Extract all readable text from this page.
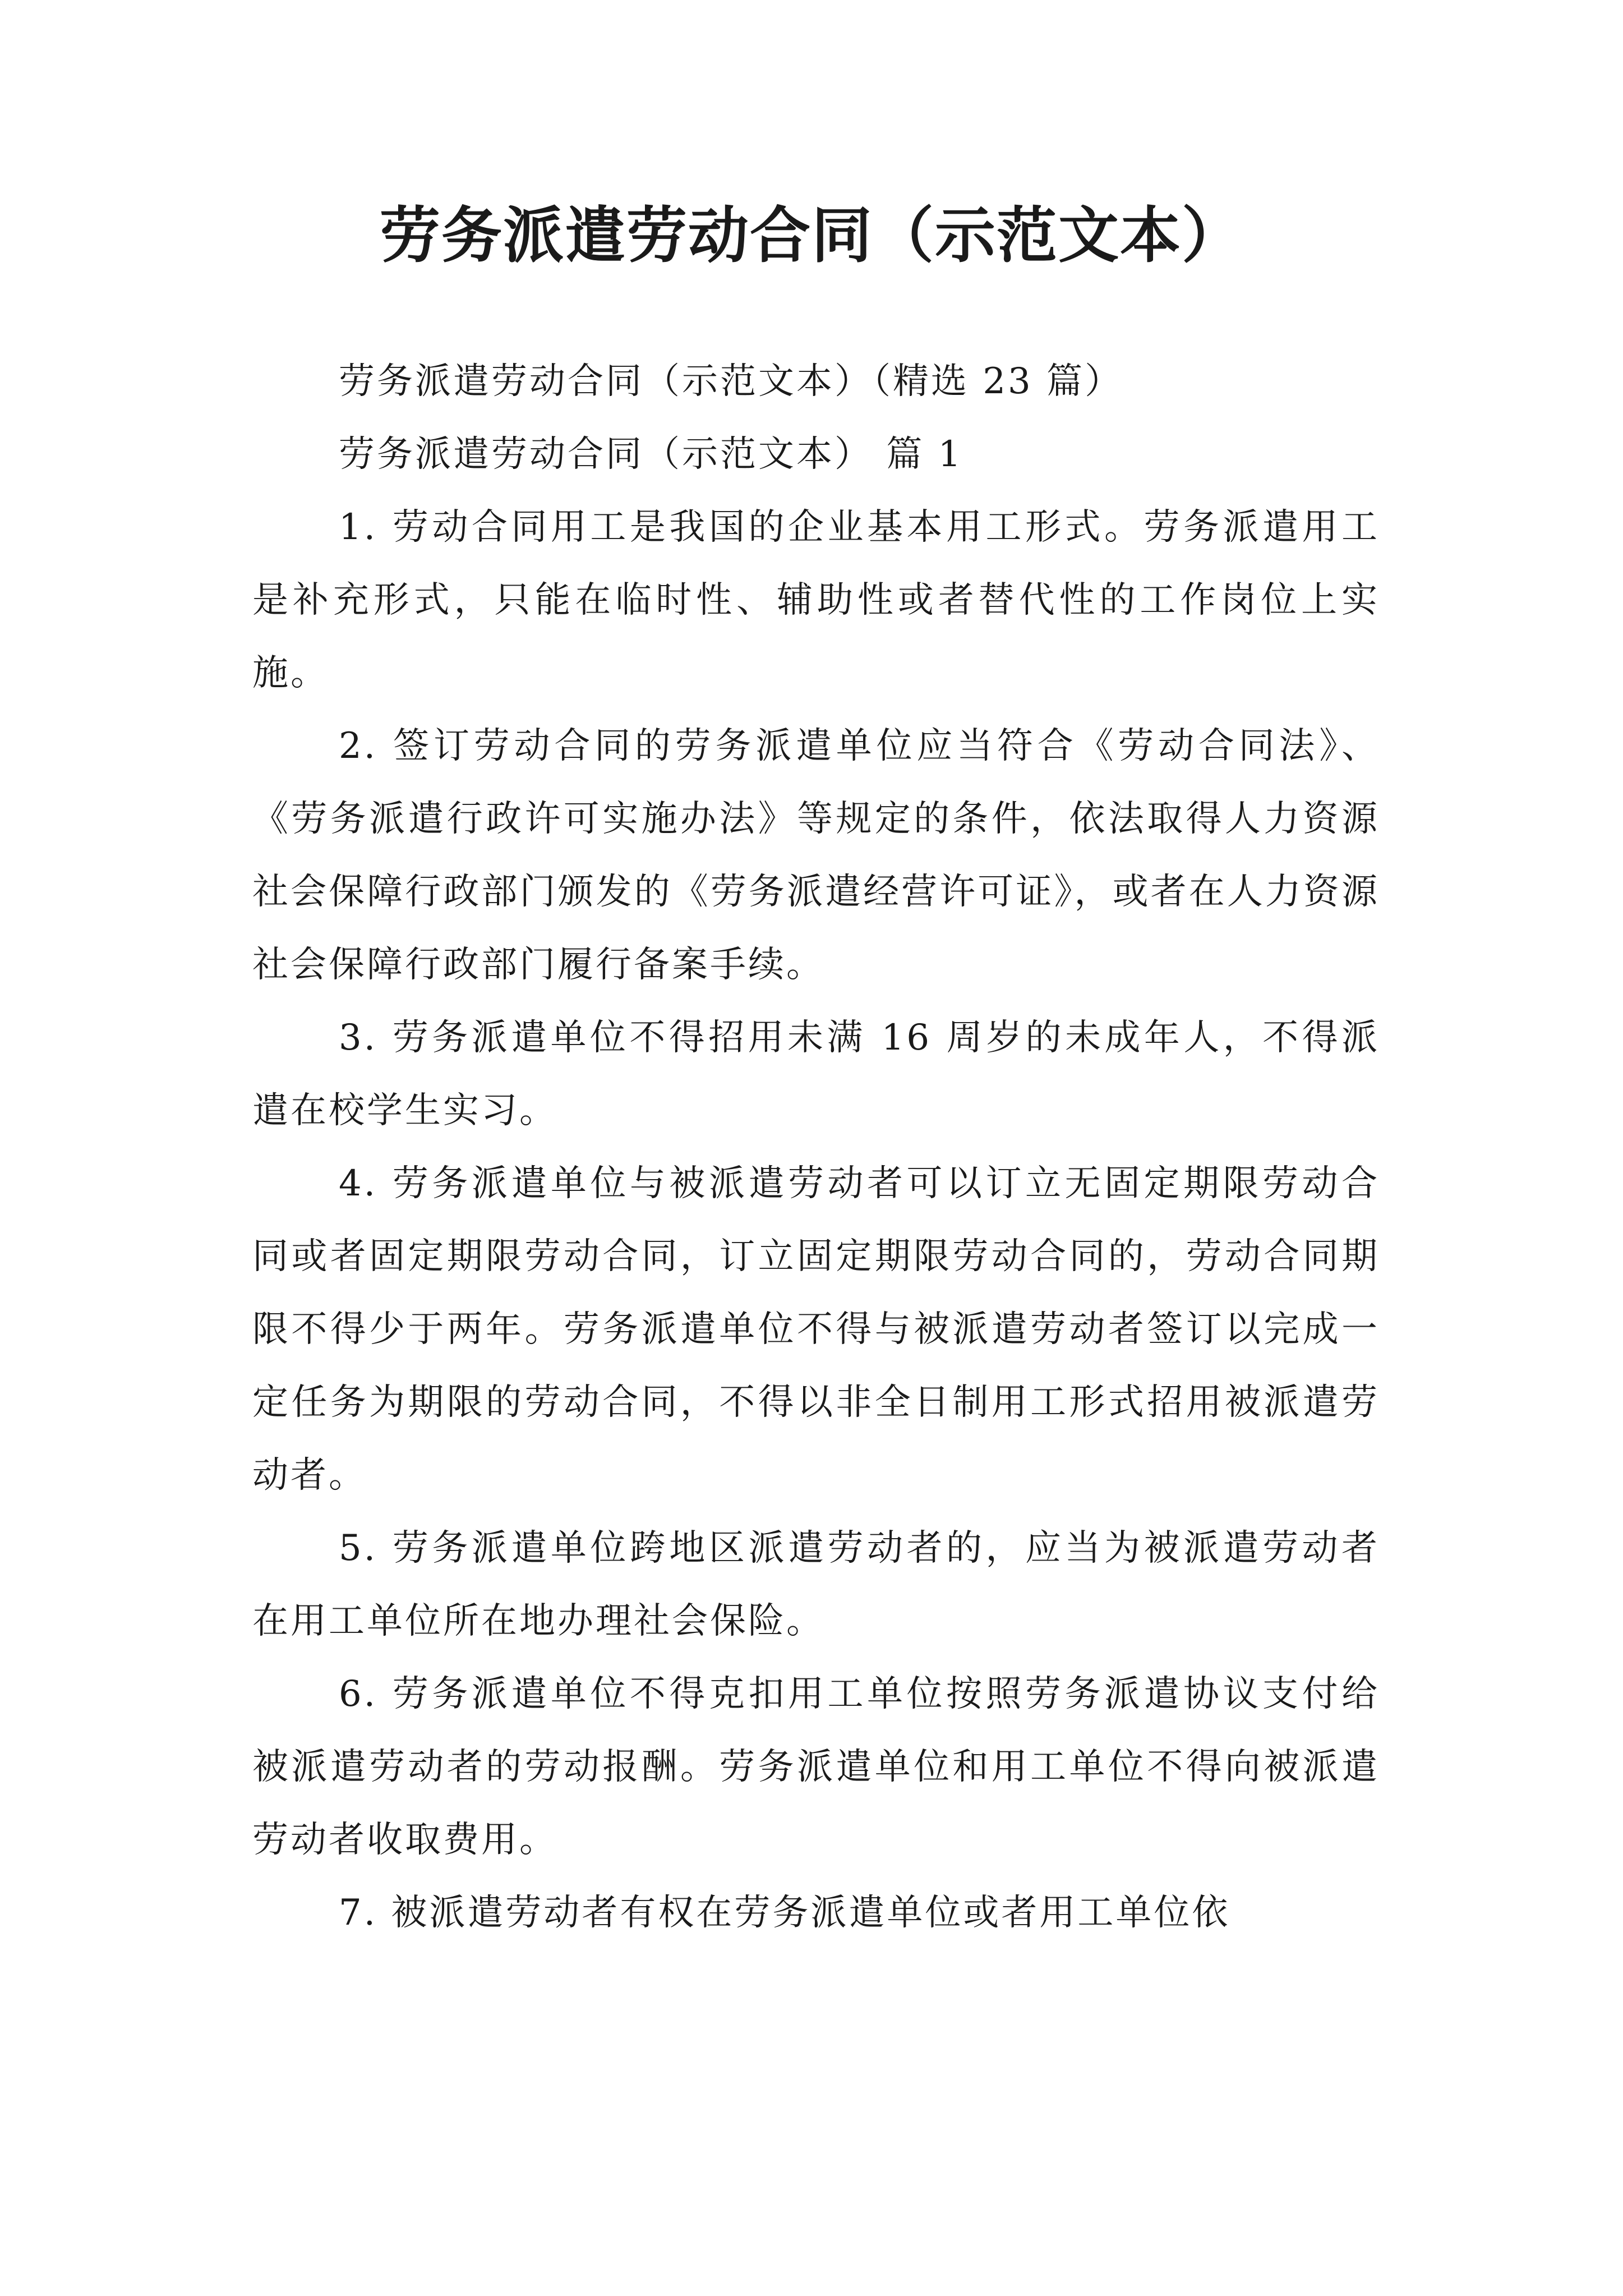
劳务派遣劳动合同（示范文本）

劳务派遣劳动合同（示范文本）（精选 23 篇）

劳务派遣劳动合同（示范文本） 篇 1

1. 劳动合同用工是我国的企业基本用工形式。劳务派遣用工是补充形式，只能在临时性、辅助性或者替代性的工作岗位上实施。

2. 签订劳动合同的劳务派遣单位应当符合《劳动合同法》、《劳务派遣行政许可实施办法》等规定的条件，依法取得人力资源社会保障行政部门颁发的《劳务派遣经营许可证》，或者在人力资源社会保障行政部门履行备案手续。

3. 劳务派遣单位不得招用未满 16 周岁的未成年人，不得派遣在校学生实习。

4. 劳务派遣单位与被派遣劳动者可以订立无固定期限劳动合同或者固定期限劳动合同，订立固定期限劳动合同的，劳动合同期限不得少于两年。劳务派遣单位不得与被派遣劳动者签订以完成一定任务为期限的劳动合同，不得以非全日制用工形式招用被派遣劳动者。

5. 劳务派遣单位跨地区派遣劳动者的，应当为被派遣劳动者在用工单位所在地办理社会保险。

6. 劳务派遣单位不得克扣用工单位按照劳务派遣协议支付给被派遣劳动者的劳动报酬。劳务派遣单位和用工单位不得向被派遣劳动者收取费用。

7. 被派遣劳动者有权在劳务派遣单位或者用工单位依
